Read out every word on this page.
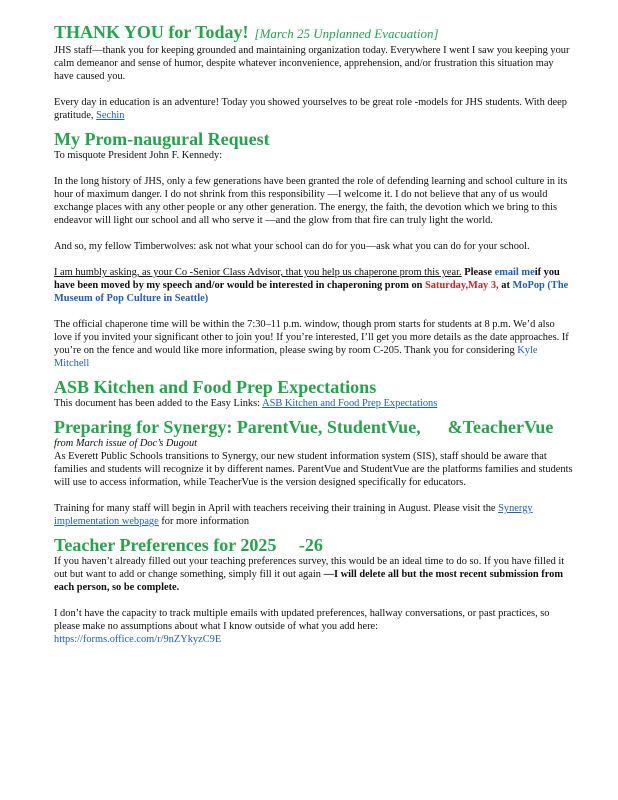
THANK YOU for Today! [March 25 Unplanned Evacuation]

JHS staff—thank you for keeping grounded and maintaining organization today. Everywhere I went I saw you keeping your calm demeanor and sense of humor, despite whatever inconvenience, apprehension, and/or frustration this situation may have caused you.

Every day in education is an adventure! Today you showed yourselves to be great role -models for JHS students. With deep gratitude, Sechin

My Prom-naugural Request

To misquote President John F. Kennedy:

In the long history of JHS, only a few generations have been granted the role of defending learning and school culture in its hour of maximum danger. I do not shrink from this responsibility —I welcome it. I do not believe that any of us would exchange places with any other people or any other generation. The energy, the faith, the devotion which we bring to this endeavor will light our school and all who serve it —and the glow from that fire can truly light the world.

And so, my fellow Timberwolves: ask not what your school can do for you—ask what you can do for your school.

I am humbly asking, as your Co -Senior Class Advisor, that you help us chaperone prom this year. Please email meif you have been moved by my speech and/or would be interested in chaperoning prom on Saturday,May 3, at MoPop (The Museum of Pop Culture in Seattle)

The official chaperone time will be within the 7:30–11 p.m. window, though prom starts for students at 8 p.m. We’d also love if you invited your significant other to join you! If you’re interested, I’ll get you more details as the date approaches. If you’re on the fence and would like more information, please swing by room C-205. Thank you for considering Kyle Mitchell

ASB Kitchen and Food Prep Expectations

This document has been added to the Easy Links: ASB Kitchen and Food Prep Expectations

Preparing for Synergy: ParentVue, StudentVue,      &TeacherVue

from March issue of Doc’s Dugout

As Everett Public Schools transitions to Synergy, our new student information system (SIS), staff should be aware that families and students will recognize it by different names. ParentVue and StudentVue are the platforms families and students will use to access information, while TeacherVue is the version designed specifically for educators.

Training for many staff will begin in April with teachers receiving their training in August. Please visit the Synergy implementation webpage for more information

Teacher Preferences for 2025     -26

If you haven’t already filled out your teaching preferences survey, this would be an ideal time to do so. If you have filled it out but want to add or change something, simply fill it out again —I will delete all but the most recent submission from each person, so be complete.

I don’t have the capacity to track multiple emails with updated preferences, hallway conversations, or past practices, so please make no assumptions about what I know outside of what you add here:

https://forms.office.com/r/9nZYkyzC9E
